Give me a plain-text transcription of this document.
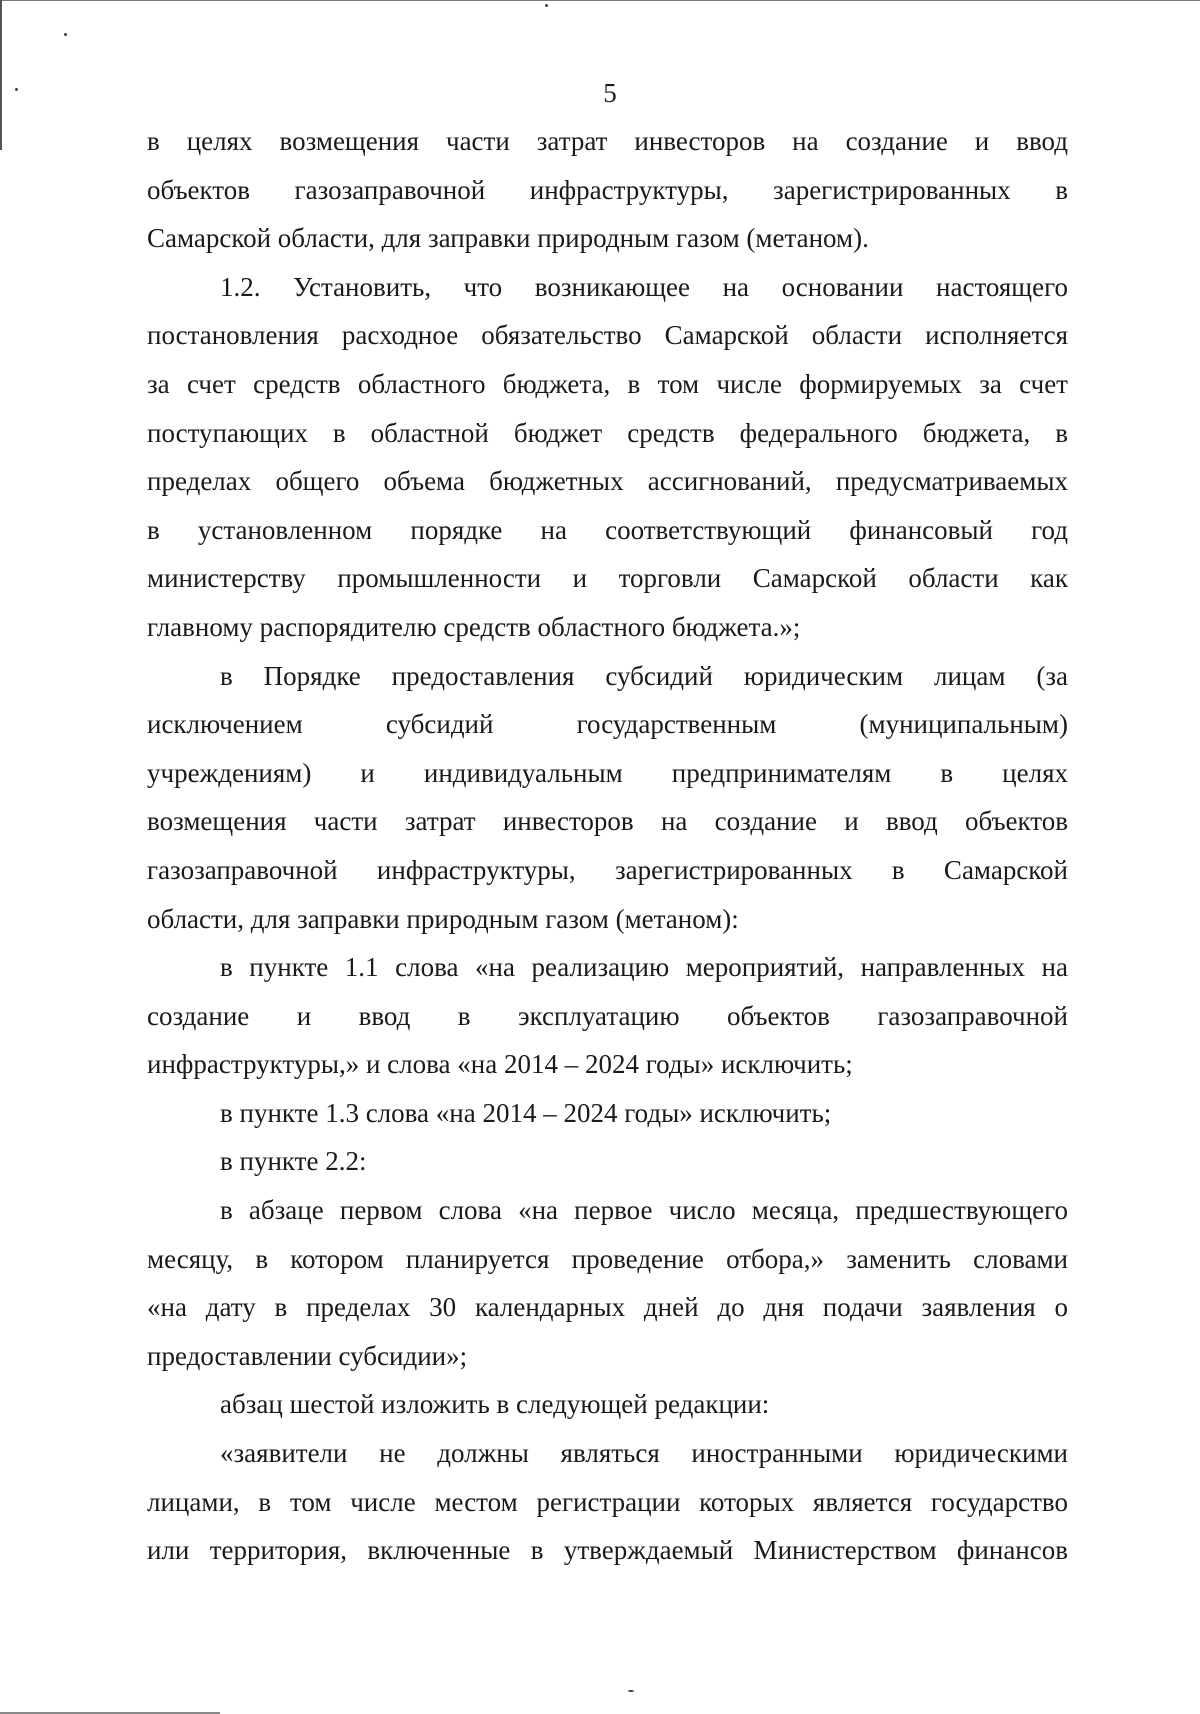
5
в целях возмещения части затрат инвесторов на создание и ввод
объектов газозаправочной инфраструктуры, зарегистрированных в
Самарской области, для заправки природным газом (метаном).
1.2. Установить, что возникающее на основании настоящего
постановления расходное обязательство Самарской области исполняется
за счет средств областного бюджета, в том числе формируемых за счет
поступающих в областной бюджет средств федерального бюджета, в
пределах общего объема бюджетных ассигнований, предусматриваемых
в установленном порядке на соответствующий финансовый год
министерству промышленности и торговли Самарской области как
главному распорядителю средств областного бюджета.»;
в Порядке предоставления субсидий юридическим лицам (за
исключением субсидий государственным (муниципальным)
учреждениям) и индивидуальным предпринимателям в целях
возмещения части затрат инвесторов на создание и ввод объектов
газозаправочной инфраструктуры, зарегистрированных в Самарской
области, для заправки природным газом (метаном):
в пункте 1.1 слова «на реализацию мероприятий, направленных на
создание и ввод в эксплуатацию объектов газозаправочной
инфраструктуры,» и слова «на 2014 – 2024 годы» исключить;
в пункте 1.3 слова «на 2014 – 2024 годы» исключить;
в пункте 2.2:
в абзаце первом слова «на первое число месяца, предшествующего
месяцу, в котором планируется проведение отбора,» заменить словами
«на дату в пределах 30 календарных дней до дня подачи заявления о
предоставлении субсидии»;
абзац шестой изложить в следующей редакции:
«заявители не должны являться иностранными юридическими
лицами, в том числе местом регистрации которых является государство
или территория, включенные в утверждаемый Министерством финансов
